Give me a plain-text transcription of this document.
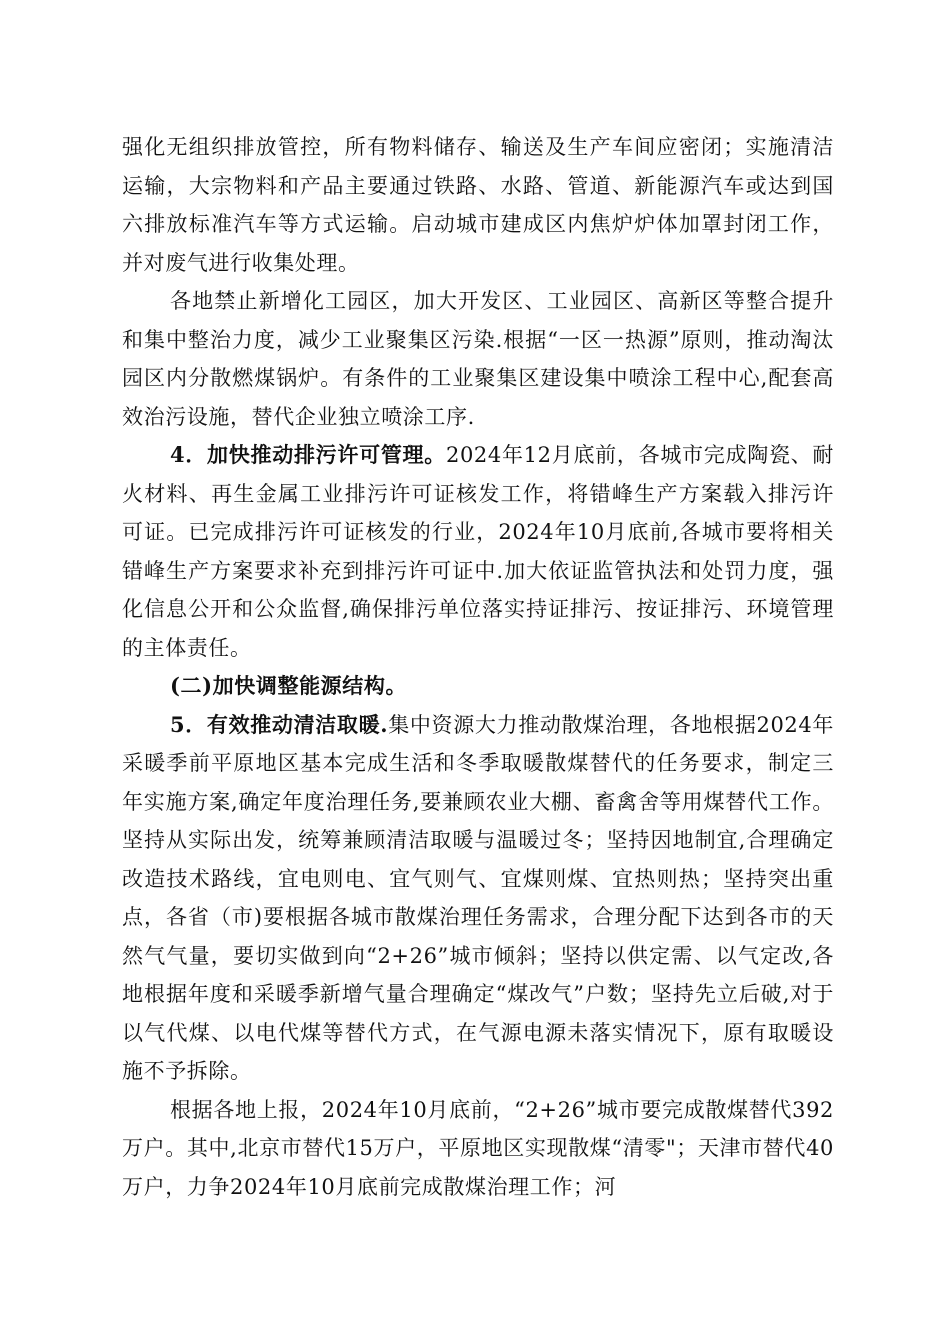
强化无组织排放管控，所有物料储存、输送及生产车间应密闭；实施清洁运输，大宗物料和产品主要通过铁路、水路、管道、新能源汽车或达到国六排放标准汽车等方式运输。启动城市建成区内焦炉炉体加罩封闭工作，并对废气进行收集处理。

各地禁止新增化工园区，加大开发区、工业园区、高新区等整合提升和集中整治力度，减少工业聚集区污染.根据“一区一热源”原则，推动淘汰园区内分散燃煤锅炉。有条件的工业聚集区建设集中喷涂工程中心,配套高效治污设施，替代企业独立喷涂工序.

4．加快推动排污许可管理。2024年12月底前，各城市完成陶瓷、耐火材料、再生金属工业排污许可证核发工作，将错峰生产方案载入排污许可证。已完成排污许可证核发的行业，2024年10月底前,各城市要将相关错峰生产方案要求补充到排污许可证中.加大依证监管执法和处罚力度，强化信息公开和公众监督,确保排污单位落实持证排污、按证排污、环境管理的主体责任。

(二)加快调整能源结构。

5．有效推动清洁取暖.集中资源大力推动散煤治理，各地根据2024年采暖季前平原地区基本完成生活和冬季取暖散煤替代的任务要求，制定三年实施方案,确定年度治理任务,要兼顾农业大棚、畜禽舍等用煤替代工作。坚持从实际出发，统筹兼顾清洁取暖与温暖过冬；坚持因地制宜,合理确定改造技术路线，宜电则电、宜气则气、宜煤则煤、宜热则热；坚持突出重点，各省（市)要根据各城市散煤治理任务需求，合理分配下达到各市的天然气气量，要切实做到向“2+26”城市倾斜；坚持以供定需、以气定改,各地根据年度和采暖季新增气量合理确定“煤改气”户数；坚持先立后破,对于以气代煤、以电代煤等替代方式，在气源电源未落实情况下，原有取暖设施不予拆除。

根据各地上报，2024年10月底前，“2+26”城市要完成散煤替代392万户。其中,北京市替代15万户，平原地区实现散煤“清零"；天津市替代40万户，力争2024年10月底前完成散煤治理工作；河
